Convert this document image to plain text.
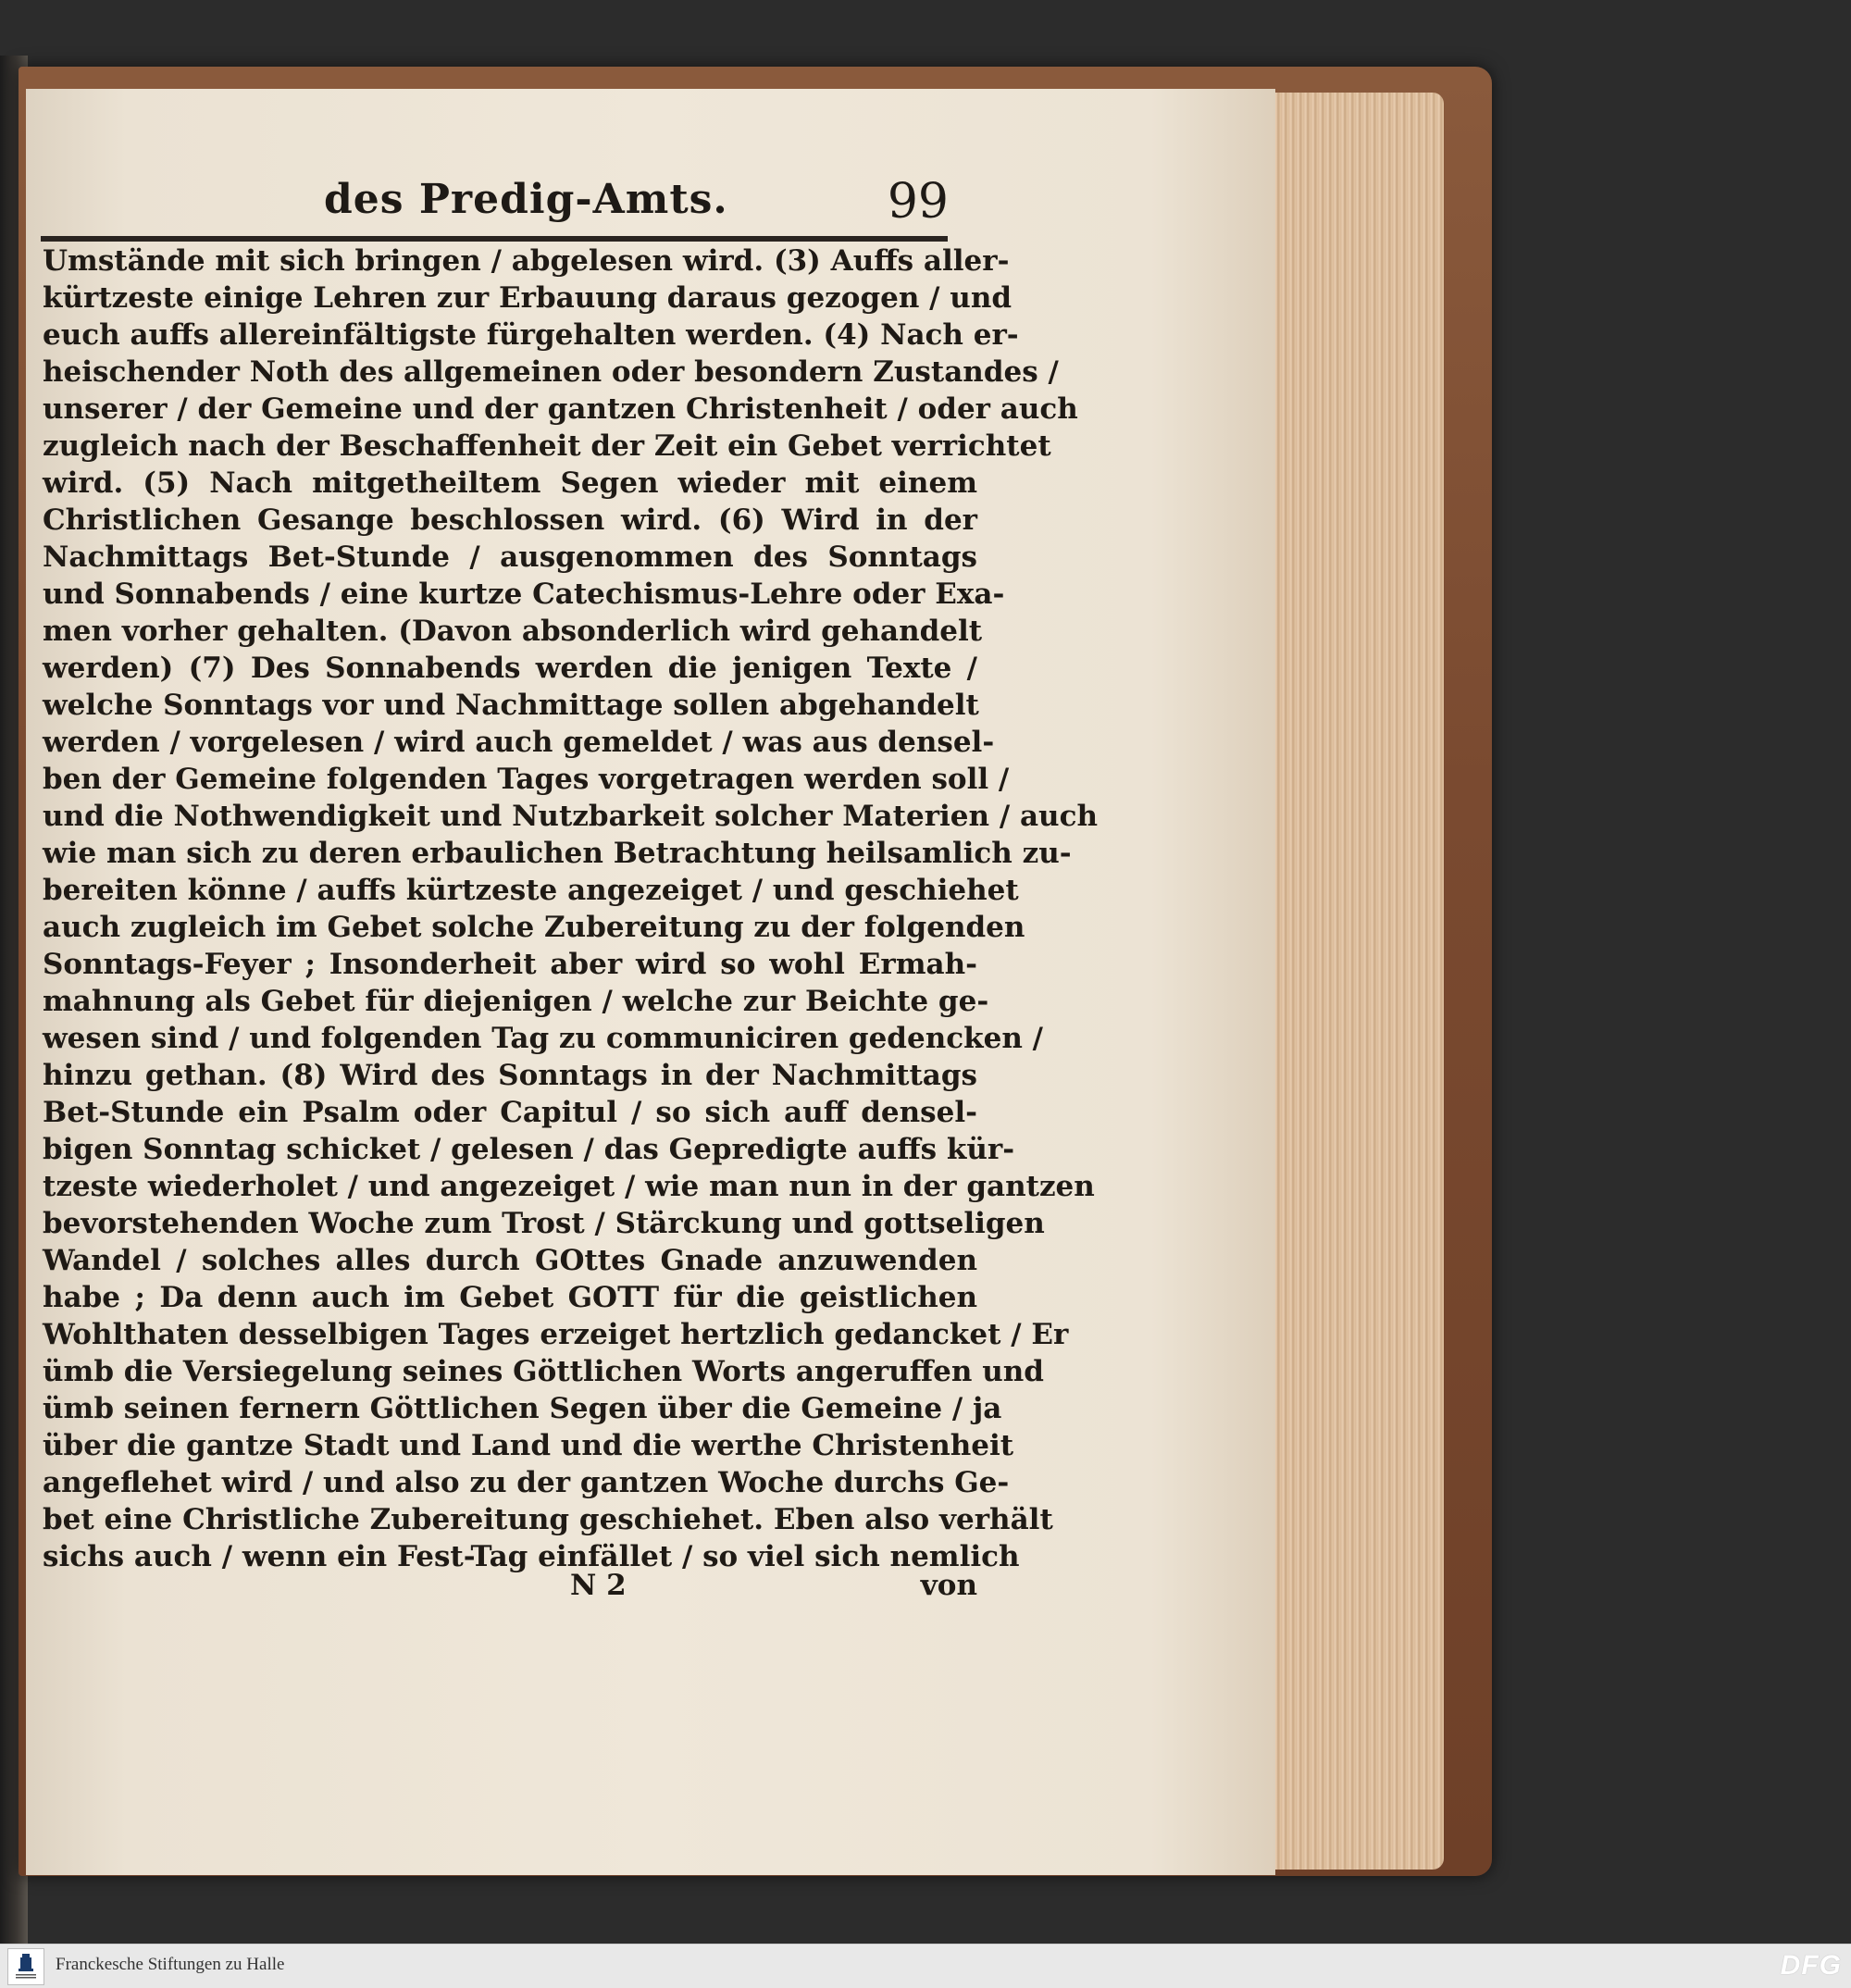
des Predig-Amts.	99
Umstände mit sich bringen / abgelesen wird. (3) Auffs aller-
kürtzeste einige Lehren zur Erbauung daraus gezogen / und
euch auffs allereinfältigste fürgehalten werden. (4) Nach er-
heischender Noth des allgemeinen oder besondern Zustandes /
unserer / der Gemeine und der gantzen Christenheit / oder auch
zugleich nach der Beschaffenheit der Zeit ein Gebet verrichtet
wird. (5) Nach mitgetheiltem Segen wieder mit einem
Christlichen Gesange beschlossen wird. (6) Wird in der
Nachmittags Bet-Stunde / ausgenommen des Sonntags
und Sonnabends / eine kurtze Catechismus-Lehre oder Exa-
men vorher gehalten. (Davon absonderlich wird gehandelt
werden) (7) Des Sonnabends werden die jenigen Texte /
welche Sonntags vor und Nachmittage sollen abgehandelt
werden / vorgelesen / wird auch gemeldet / was aus densel-
ben der Gemeine folgenden Tages vorgetragen werden soll /
und die Nothwendigkeit und Nutzbarkeit solcher Materien / auch
wie man sich zu deren erbaulichen Betrachtung heilsamlich zu-
bereiten könne / auffs kürtzeste angezeiget / und geschiehet
auch zugleich im Gebet solche Zubereitung zu der folgenden
Sonntags-Feyer ; Insonderheit aber wird so wohl Ermah-
mahnung als Gebet für diejenigen / welche zur Beichte ge-
wesen sind / und folgenden Tag zu communiciren gedencken /
hinzu gethan. (8) Wird des Sonntags in der Nachmittags
Bet-Stunde ein Psalm oder Capitul / so sich auff densel-
bigen Sonntag schicket / gelesen / das Gepredigte auffs kür-
tzeste wiederholet / und angezeiget / wie man nun in der gantzen
bevorstehenden Woche zum Trost / Stärckung und gottseligen
Wandel / solches alles durch GOttes Gnade anzuwenden
habe ; Da denn auch im Gebet GOTT für die geistlichen
Wohlthaten desselbigen Tages erzeiget hertzlich gedancket / Er
ümb die Versiegelung seines Göttlichen Worts angeruffen und
ümb seinen fernern Göttlichen Segen über die Gemeine / ja
über die gantze Stadt und Land und die werthe Christenheit
angeflehet wird / und also zu der gantzen Woche durchs Ge-
bet eine Christliche Zubereitung geschiehet. Eben also verhält
sichs auch / wenn ein Fest-Tag einfället / so viel sich nemlich
N 2	von
Franckesche Stiftungen zu Halle	DFG
